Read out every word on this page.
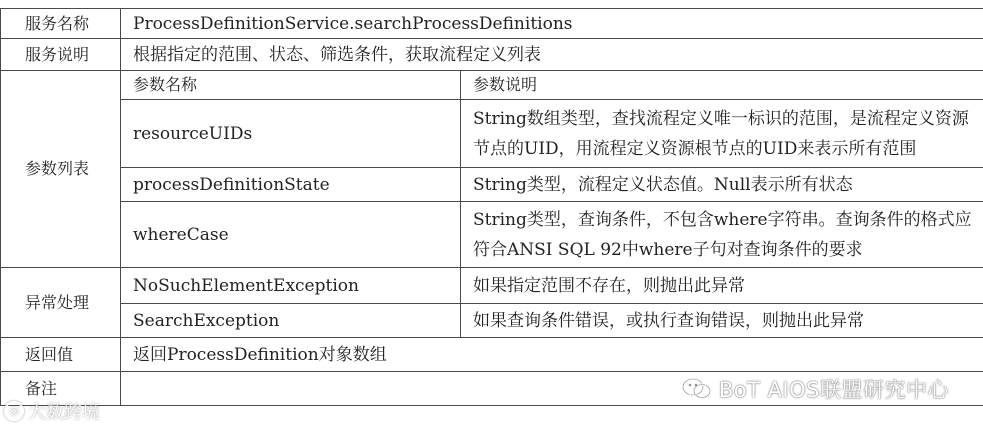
服务名称	ProcessDefinitionService.searchProcessDefinitions	
服务说明	根据指定的范围、状态、筛选条件，获取流程定义列表	
参数列表	参数名称	参数说明
	resourceUIDs	String数组类型，查找流程定义唯一标识的范围，是流程定义资源节点的UID，用流程定义资源根节点的UID来表示所有范围
	processDefinitionState	String类型，流程定义状态值。Null表示所有状态
	whereCase	String类型，查询条件，不包含where字符串。查询条件的格式应符合ANSI SQL 92中where子句对查询条件的要求
异常处理	NoSuchElementException	如果指定范围不存在，则抛出此异常
	SearchException	如果查询条件错误，或执行查询错误，则抛出此异常
返回值	返回ProcessDefinition对象数组	
备注			BoT AIOS联盟研究中心
◎ 大数跨境
